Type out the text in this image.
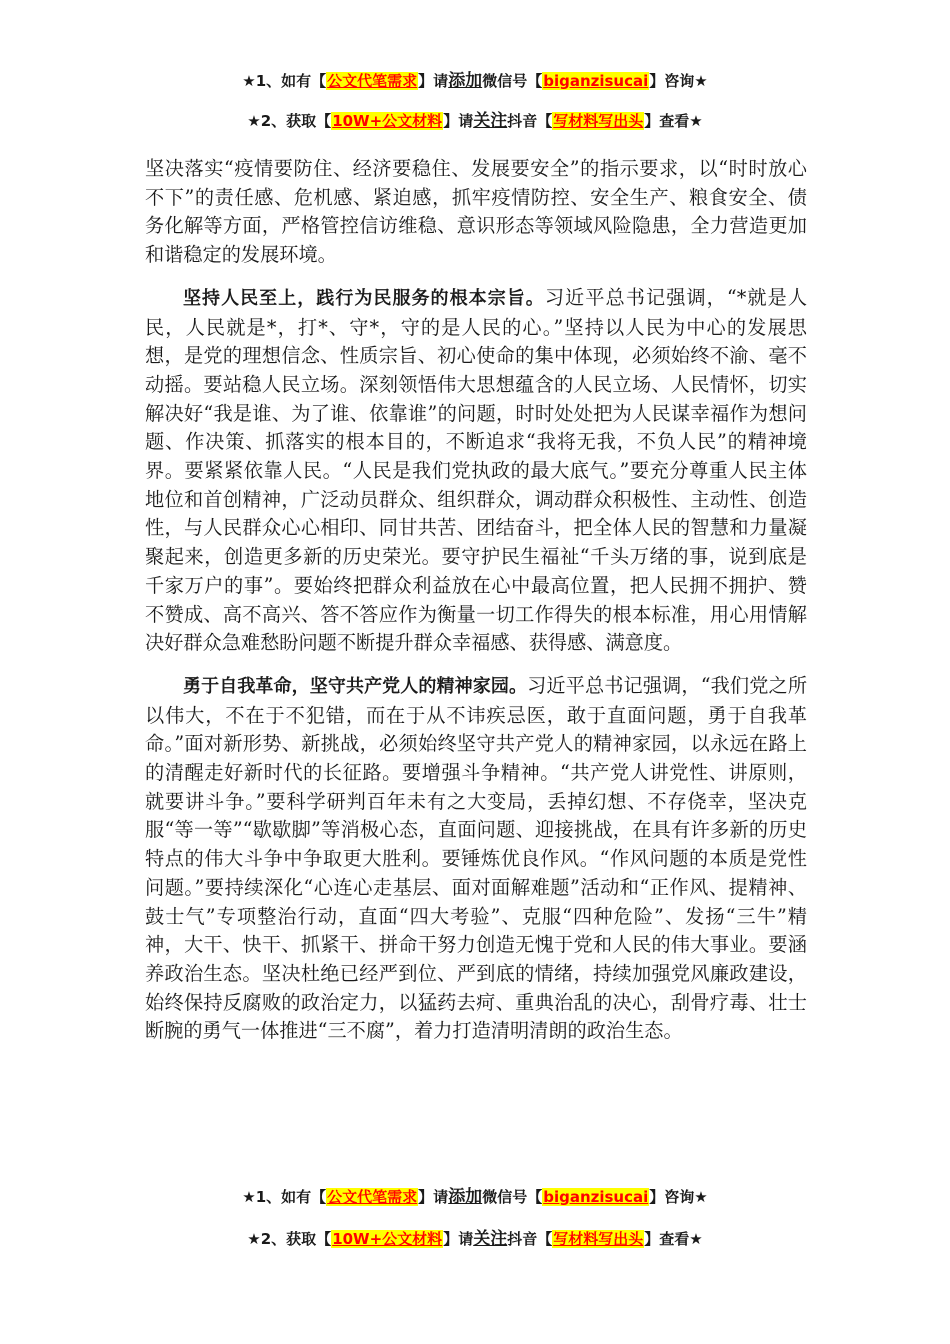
★1、如有【公文代笔需求】请添加微信号【biganzisucai】咨询★
★2、获取【10W+公文材料】请关注抖音【写材料写出头】查看★

坚决落实“疫情要防住、经济要稳住、发展要安全”的指示要求，以“时时放心不下”的责任感、危机感、紧迫感，抓牢疫情防控、安全生产、粮食安全、债务化解等方面，严格管控信访维稳、意识形态等领域风险隐患，全力营造更加和谐稳定的发展环境。

坚持人民至上，践行为民服务的根本宗旨。习近平总书记强调，“*就是人民，人民就是*，打*、守*，守的是人民的心。”坚持以人民为中心的发展思想，是党的理想信念、性质宗旨、初心使命的集中体现，必须始终不渝、毫不动摇。要站稳人民立场。深刻领悟伟大思想蕴含的人民立场、人民情怀，切实解决好“我是谁、为了谁、依靠谁”的问题，时时处处把为人民谋幸福作为想问题、作决策、抓落实的根本目的，不断追求“我将无我，不负人民”的精神境界。要紧紧依靠人民。“人民是我们党执政的最大底气。”要充分尊重人民主体地位和首创精神，广泛动员群众、组织群众，调动群众积极性、主动性、创造性，与人民群众心心相印、同甘共苦、团结奋斗，把全体人民的智慧和力量凝聚起来，创造更多新的历史荣光。要守护民生福祉“千头万绪的事，说到底是千家万户的事”。要始终把群众利益放在心中最高位置，把人民拥不拥护、赞不赞成、高不高兴、答不答应作为衡量一切工作得失的根本标准，用心用情解决好群众急难愁盼问题不断提升群众幸福感、获得感、满意度。

勇于自我革命，坚守共产党人的精神家园。习近平总书记强调，“我们党之所以伟大，不在于不犯错，而在于从不讳疾忌医，敢于直面问题，勇于自我革命。”面对新形势、新挑战，必须始终坚守共产党人的精神家园，以永远在路上的清醒走好新时代的长征路。要增强斗争精神。“共产党人讲党性、讲原则，就要讲斗争。”要科学研判百年未有之大变局，丢掉幻想、不存侥幸，坚决克服“等一等”“歇歇脚”等消极心态，直面问题、迎接挑战，在具有许多新的历史特点的伟大斗争中争取更大胜利。要锤炼优良作风。“作风问题的本质是党性问题。”要持续深化“心连心走基层、面对面解难题”活动和“正作风、提精神、鼓士气”专项整治行动，直面“四大考验”、克服“四种危险”、发扬“三牛”精神，大干、快干、抓紧干、拼命干努力创造无愧于党和人民的伟大事业。要涵养政治生态。坚决杜绝已经严到位、严到底的情绪，持续加强党风廉政建设，始终保持反腐败的政治定力，以猛药去疴、重典治乱的决心，刮骨疗毒、壮士断腕的勇气一体推进“三不腐”，着力打造清明清朗的政治生态。

★1、如有【公文代笔需求】请添加微信号【biganzisucai】咨询★
★2、获取【10W+公文材料】请关注抖音【写材料写出头】查看★
